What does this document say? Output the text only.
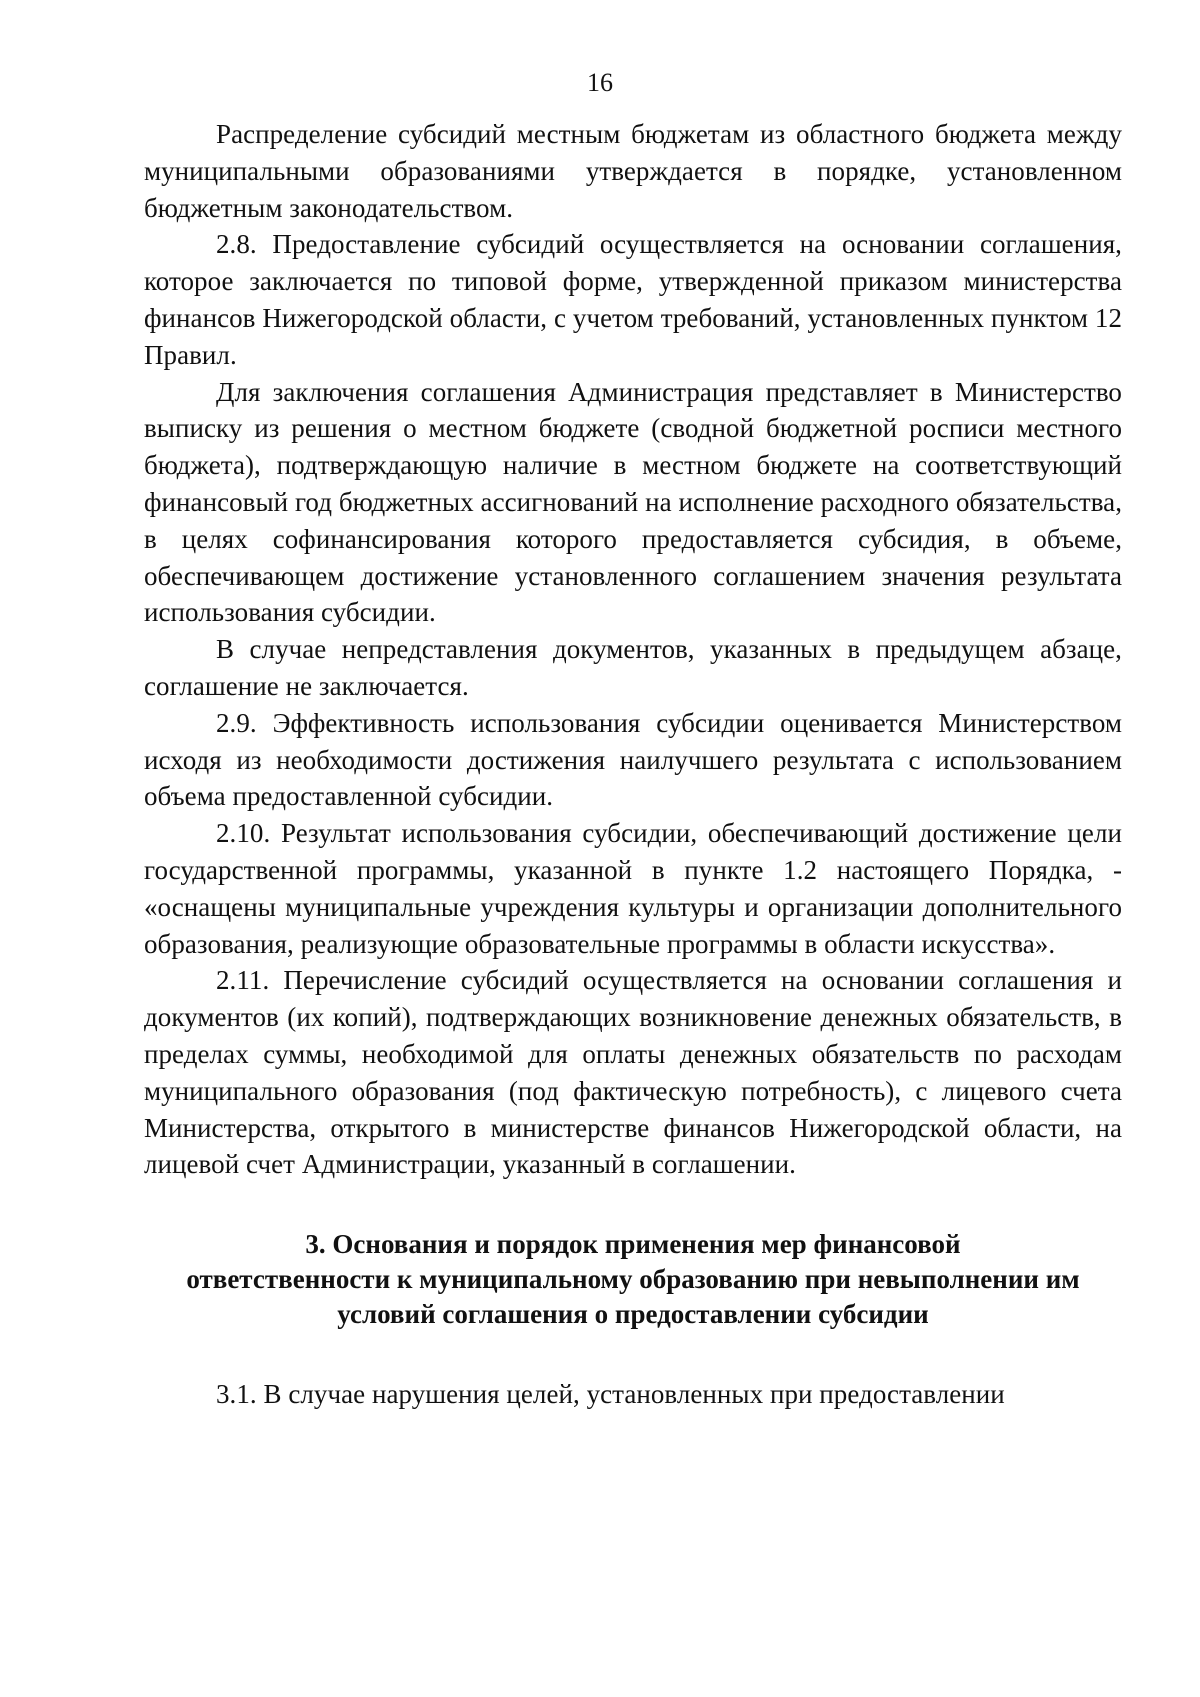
16

Распределение субсидий местным бюджетам из областного бюджета между муниципальными образованиями утверждается в порядке, установленном бюджетным законодательством.

2.8. Предоставление субсидий осуществляется на основании соглашения, которое заключается по типовой форме, утвержденной приказом министерства финансов Нижегородской области, с учетом требований, установленных пунктом 12 Правил.

Для заключения соглашения Администрация представляет в Министерство выписку из решения о местном бюджете (сводной бюджетной росписи местного бюджета), подтверждающую наличие в местном бюджете на соответствующий финансовый год бюджетных ассигнований на исполнение расходного обязательства, в целях софинансирования которого предоставляется субсидия, в объеме, обеспечивающем достижение установленного соглашением значения результата использования субсидии.

В случае непредставления документов, указанных в предыдущем абзаце, соглашение не заключается.

2.9. Эффективность использования субсидии оценивается Министерством исходя из необходимости достижения наилучшего результата с использованием объема предоставленной субсидии.

2.10. Результат использования субсидии, обеспечивающий достижение цели государственной программы, указанной в пункте 1.2 настоящего Порядка, - «оснащены муниципальные учреждения культуры и организации дополнительного образования, реализующие образовательные программы в области искусства».

2.11. Перечисление субсидий осуществляется на основании соглашения и документов (их копий), подтверждающих возникновение денежных обязательств, в пределах суммы, необходимой для оплаты денежных обязательств по расходам муниципального образования (под фактическую потребность), с лицевого счета Министерства, открытого в министерстве финансов Нижегородской области, на лицевой счет Администрации, указанный в соглашении.

3. Основания и порядок применения мер финансовой
ответственности к муниципальному образованию при невыполнении им
условий соглашения о предоставлении субсидии

3.1. В случае нарушения целей, установленных при предоставлении
